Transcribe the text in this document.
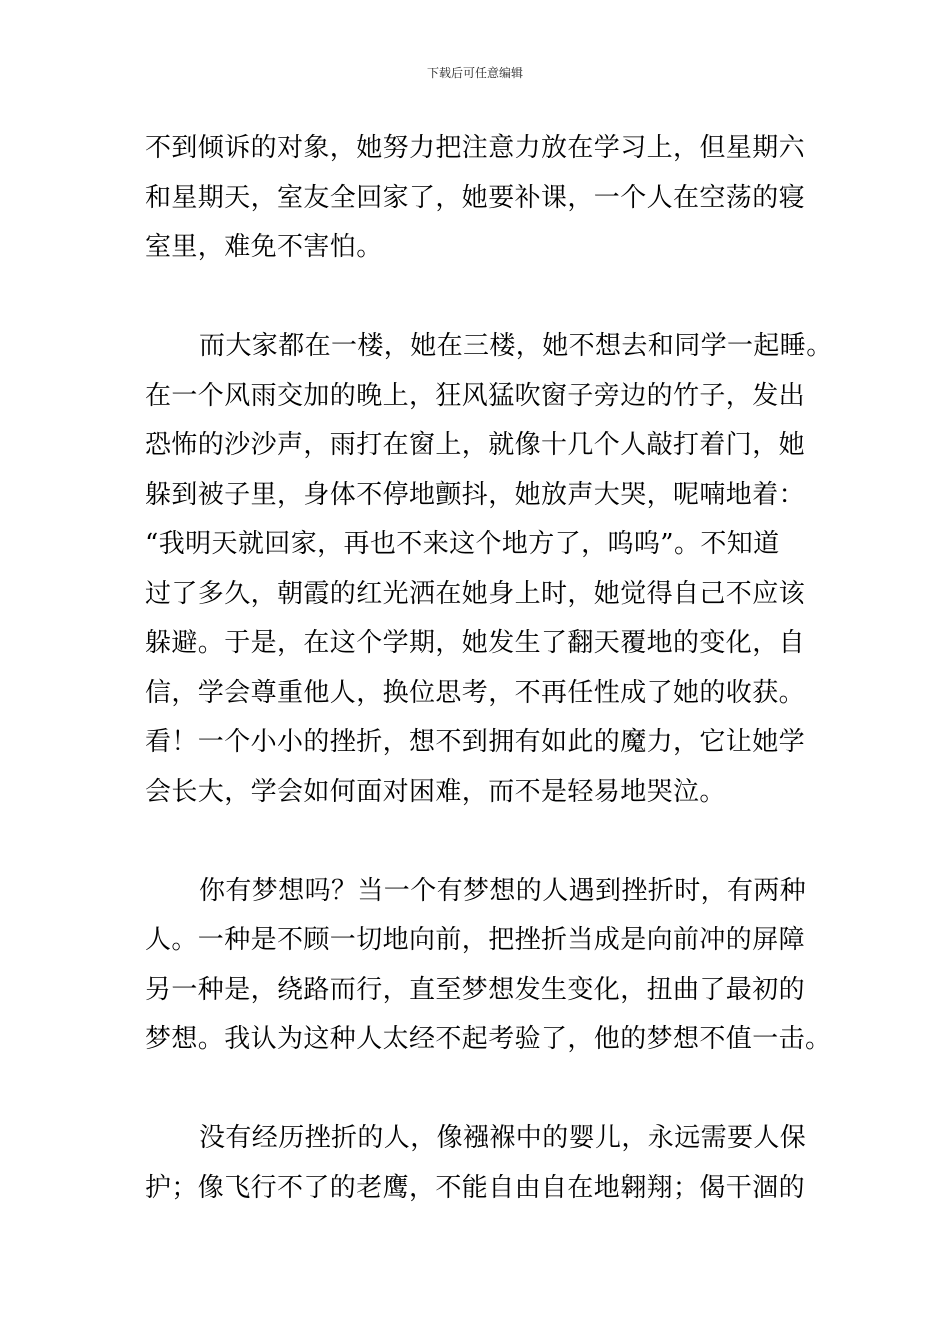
下载后可任意编辑
不到倾诉的对象，她努力把注意力放在学习上，但星期六
和星期天，室友全回家了，她要补课，一个人在空荡的寝
室里，难免不害怕。
而大家都在一楼，她在三楼，她不想去和同学一起睡。
在一个风雨交加的晚上，狂风猛吹窗子旁边的竹子，发出
恐怖的沙沙声，雨打在窗上，就像十几个人敲打着门，她
躲到被子里，身体不停地颤抖，她放声大哭，呢喃地着：
“我明天就回家，再也不来这个地方了，呜呜”。不知道
过了多久，朝霞的红光洒在她身上时，她觉得自己不应该
躲避。于是，在这个学期，她发生了翻天覆地的变化，自
信，学会尊重他人，换位思考，不再任性成了她的收获。
看！一个小小的挫折，想不到拥有如此的魔力，它让她学
会长大，学会如何面对困难，而不是轻易地哭泣。
你有梦想吗？当一个有梦想的人遇到挫折时，有两种
人。一种是不顾一切地向前，把挫折当成是向前冲的屏障
另一种是，绕路而行，直至梦想发生变化，扭曲了最初的
梦想。我认为这种人太经不起考验了，他的梦想不值一击。
没有经历挫折的人，像襁褓中的婴儿，永远需要人保
护；像飞行不了的老鹰，不能自由自在地翱翔；偈干涸的
